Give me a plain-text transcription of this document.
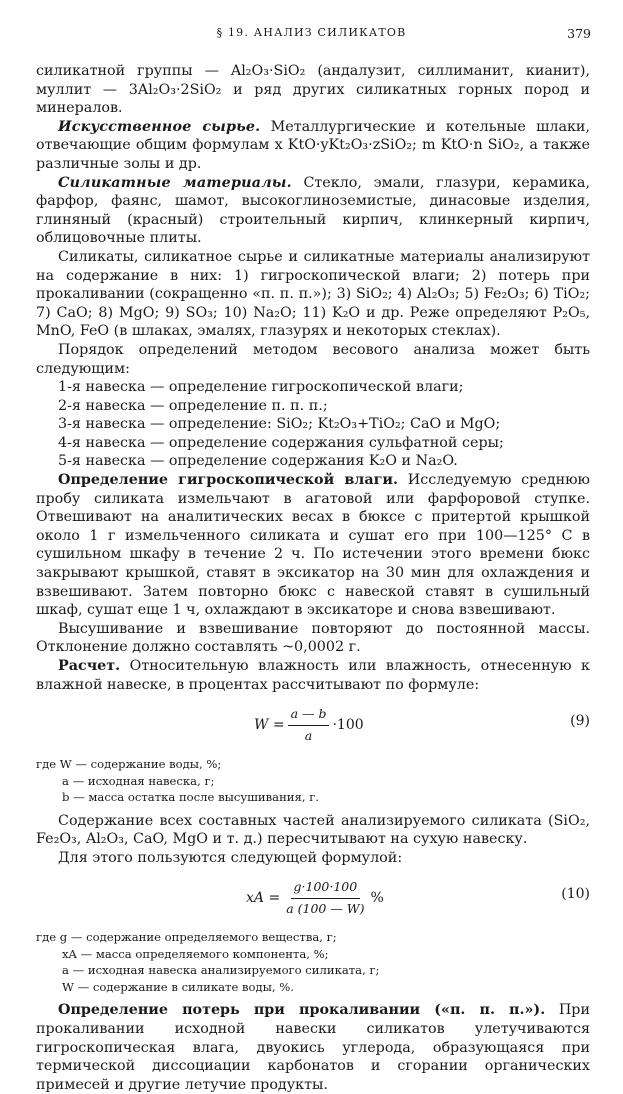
§ 19. АНАЛИЗ СИЛИКАТОВ	379

силикатной группы — Al₂O₃·SiO₂ (андалузит, силлиманит, кианит), муллит — 3Al₂O₃·2SiO₂ и ряд других силикатных горных пород и минералов.

Искусственное сырье. Металлургические и котельные шлаки, отвечающие общим формулам x KtO·yKt₂O₃·zSiO₂; m KtO·n SiO₂, а также различные золы и др.

Силикатные материалы. Стекло, эмали, глазури, керамика, фарфор, фаянс, шамот, высокоглиноземистые, динасовые изделия, глиняный (красный) строительный кирпич, клинкерный кирпич, облицовочные плиты.

Силикаты, силикатное сырье и силикатные материалы анализируют на содержание в них: 1) гигроскопической влаги; 2) потерь при прокаливании (сокращенно «п. п. п.»); 3) SiO₂; 4) Al₂O₃; 5) Fe₂O₃; 6) TiO₂; 7) CaO; 8) MgO; 9) SO₃; 10) Na₂O; 11) K₂O и др. Реже определяют P₂O₅, MnO, FeO (в шлаках, эмалях, глазурях и некоторых стеклах).

Порядок определений методом весового анализа может быть следующим:

1-я навеска — определение гигроскопической влаги;
2-я навеска — определение п. п. п.;
3-я навеска — определение: SiO₂; Kt₂O₃+TiO₂; CaO и MgO;
4-я навеска — определение содержания сульфатной серы;
5-я навеска — определение содержания K₂O и Na₂O.

Определение гигроскопической влаги. Исследуемую среднюю пробу силиката измельчают в агатовой или фарфоровой ступке. Отвешивают на аналитических весах в бюксе с притертой крышкой около 1 г измельченного силиката и сушат его при 100—125° С в сушильном шкафу в течение 2 ч. По истечении этого времени бюкс закрывают крышкой, ставят в эксикатор на 30 мин для охлаждения и взвешивают. Затем повторно бюкс с навеской ставят в сушильный шкаф, сушат еще 1 ч, охлаждают в эксикаторе и снова взвешивают.

Высушивание и взвешивание повторяют до постоянной массы. Отклонение должно составлять ~0,0002 г.

Расчет. Относительную влажность или влажность, отнесенную к влажной навеске, в процентах рассчитывают по формуле:

$W = \frac{a — b}{a} \cdot 100$	(9)
где W — содержание воды, %;
a — исходная навеска, г;
b — масса остатка после высушивания, г.

Содержание всех составных частей анализируемого силиката (SiO₂, Fe₂O₃, Al₂O₃, CaO, MgO и т. д.) пересчитывают на сухую навеску.

Для этого пользуются следующей формулой:

xA = $\frac{g\cdot 100\cdot 100}{a (100 — W)}$ %	(10)
где g — содержание определяемого вещества, г;
xA — масса определяемого компонента, %;
a — исходная навеска анализируемого силиката, г;
W — содержание в силикате воды, %.

Определение потерь при прокаливании («п. п. п.»). При прокаливании исходной навески силикатов улетучиваются гигроскопическая влага, двуокись углерода, образующаяся при термической диссоциации карбонатов и сгорании органических примесей и другие летучие продукты.
